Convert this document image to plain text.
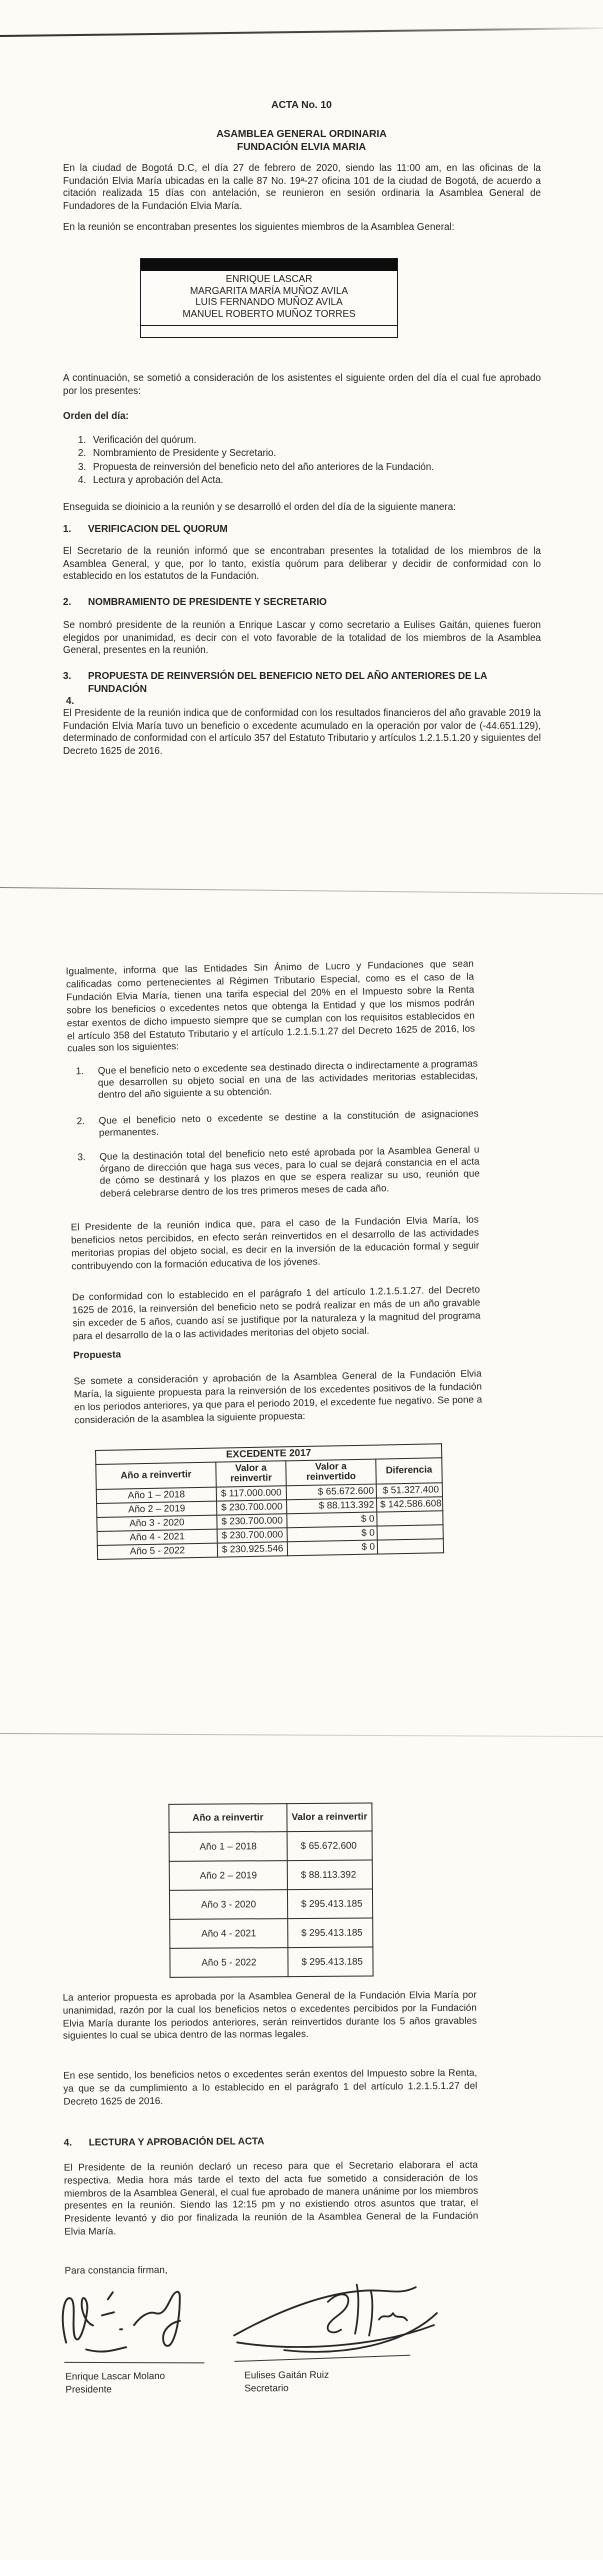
ACTA No. 10

ASAMBLEA GENERAL ORDINARIA

FUNDACIÓN ELVIA MARIA

En la ciudad de Bogotá D.C, el día 27 de febrero de 2020, siendo las 11:00 am, en las oficinas de la Fundación Elvia María ubicadas en la calle 87 No. 19ª-27 oficina 101 de la ciudad de Bogotá, de acuerdo a citación realizada 15 días con antelación, se reunieron en sesión ordinaria la Asamblea General de Fundadores de la Fundación Elvia María.

En la reunión se encontraban presentes los siguientes miembros de la Asamblea General:

ENRIQUE LASCAR
MARGARITA MARÍA MUÑOZ AVILA
LUIS FERNANDO MUÑOZ AVILA
MANUEL ROBERTO MUÑOZ TORRES

A continuación, se sometió a consideración de los asistentes el siguiente orden del día el cual fue aprobado por los presentes:

Orden del día:

1. Verificación del quórum.
2. Nombramiento de Presidente y Secretario.
3. Propuesta de reinversión del beneficio neto del año anteriores de la Fundación.
4. Lectura y aprobación del Acta.

Enseguida se dioinicio a la reunión y se desarrolló el orden del día de la siguiente manera:

1.	VERIFICACION DEL QUORUM

El Secretario de la reunión informó que se encontraban presentes la totalidad de los miembros de la Asamblea General, y que, por lo tanto, existía quórum para deliberar y decidir de conformidad con lo establecido en los estatutos de la Fundación.

2.	NOMBRAMIENTO DE PRESIDENTE Y SECRETARIO

Se nombró presidente de la reunión a Enrique Lascar y como secretario a Eulises Gaitán, quienes fueron elegidos por unanimidad, es decir con el voto favorable de la totalidad de los miembros de la Asamblea General, presentes en la reunión.

3.	PROPUESTA DE REINVERSIÓN DEL BENEFICIO NETO DEL AÑO ANTERIORES DE LA FUNDACIÓN

4.

El Presidente de la reunión indica que de conformidad con los resultados financieros del año gravable 2019 la Fundación Elvia María tuvo un beneficio o excedente acumulado en la operación por valor de (-44.651.129), determinado de conformidad con el artículo 357 del Estatuto Tributario y artículos 1.2.1.5.1.20 y siguientes del Decreto 1625 de 2016.

Igualmente, informa que las Entidades Sin Ánimo de Lucro y Fundaciones que sean calificadas como pertenecientes al Régimen Tributario Especial, como es el caso de la Fundación Elvia María, tienen una tarifa especial del 20% en el Impuesto sobre la Renta sobre los beneficios o excedentes netos que obtenga la Entidad y que los mismos podrán estar exentos de dicho impuesto siempre que se cumplan con los requisitos establecidos en el artículo 358 del Estatuto Tributario y el artículo 1.2.1.5.1.27 del Decreto 1625 de 2016, los cuales son los siguientes:

1.	Que el beneficio neto o excedente sea destinado directa o indirectamente a programas que desarrollen su objeto social en una de las actividades meritorias establecidas, dentro del año siguiente a su obtención.

2.	Que el beneficio neto o excedente se destine a la constitución de asignaciones permanentes.

3.	Que la destinación total del beneficio neto esté aprobada por la Asamblea General u órgano de dirección que haga sus veces, para lo cual se dejará constancia en el acta de cómo se destinará y los plazos en que se espera realizar su uso, reunión que deberá celebrarse dentro de los tres primeros meses de cada año.

El Presidente de la reunión indica que, para el caso de la Fundación Elvia María, los beneficios netos percibidos, en efecto serán reinvertidos en el desarrollo de las actividades meritorias propias del objeto social, es decir en la inversión de la educación formal y seguir contribuyendo con la formación educativa de los jóvenes.

De conformidad con lo establecido en el parágrafo 1 del artículo 1.2.1.5.1.27. del Decreto 1625 de 2016, la reinversión del beneficio neto se podrá realizar en más de un año gravable sin exceder de 5 años, cuando así se justifique por la naturaleza y la magnitud del programa para el desarrollo de la o las actividades meritorias del objeto social.

Propuesta

Se somete a consideración y aprobación de la Asamblea General de la Fundación Elvia María, la siguiente propuesta para la reinversión de los excedentes positivos de la fundación en los periodos anteriores, ya que para el periodo 2019, el excedente fue negativo. Se pone a consideración de la asamblea la siguiente propuesta:

EXCEDENTE 2017			
Año a reinvertir	Valor a reinvertir	Valor a reinvertido	Diferencia
Año 1 – 2018	$ 117.000.000	$ 65.672.600	$ 51.327.400
Año 2 – 2019	$ 230.700.000	$ 88.113.392	$ 142.586.608
Año 3 - 2020	$ 230.700.000	$ 0	
Año 4 - 2021	$ 230.700.000	$ 0	
Año 5 - 2022	$ 230.925.546	$ 0	
Año a reinvertir	Valor a reinvertir
Año 1 – 2018	$ 65.672.600
Año 2 – 2019	$ 88.113.392
Año 3 - 2020	$ 295.413.185
Año 4 - 2021	$ 295.413.185
Año 5 - 2022	$ 295.413.185

La anterior propuesta es aprobada por la Asamblea General de la Fundación Elvia María por unanimidad, razón por la cual los beneficios netos o excedentes percibidos por la Fundación Elvia María durante los periodos anteriores, serán reinvertidos durante los 5 años gravables siguientes lo cual se ubica dentro de las normas legales.

En ese sentido, los beneficios netos o excedentes serán exentos del Impuesto sobre la Renta, ya que se da cumplimiento a lo establecido en el parágrafo 1 del artículo 1.2.1.5.1.27 del Decreto 1625 de 2016.

4.	LECTURA Y APROBACIÓN DEL ACTA

El Presidente de la reunión declaró un receso para que el Secretario elaborara el acta respectiva. Media hora más tarde el texto del acta fue sometido a consideración de los miembros de la Asamblea General, el cual fue aprobado de manera unánime por los miembros presentes en la reunión. Siendo las 12:15 pm y no existiendo otros asuntos que tratar, el Presidente levantó y dio por finalizada la reunión de la Asamblea General de la Fundación Elvia María.

Para constancia firman,

Enrique Lascar Molano

Presidente

Eulises Gaitán Ruiz

Secretario
